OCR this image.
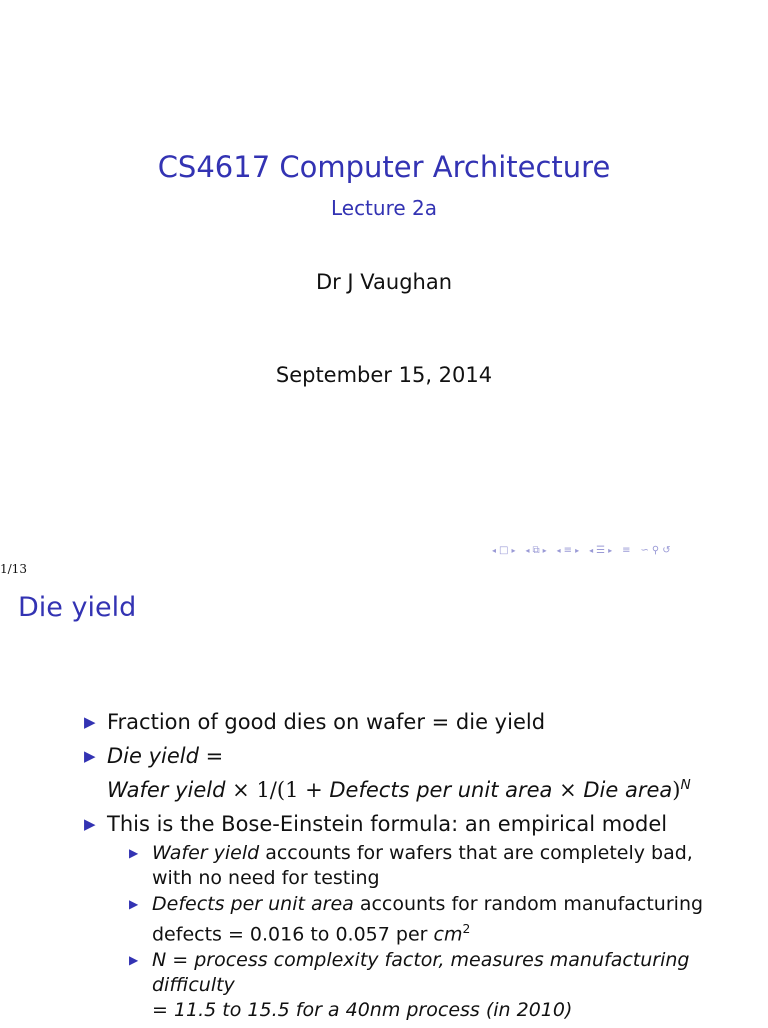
CS4617 Computer Architecture
Lecture 2a
Dr J Vaughan
September 15, 2014
◂ □ ▸ ◂ ⧉ ▸ ◂ ≡ ▸ ◂ ☰ ▸ ≡ ∽ ⚲ ↺
1/13
Die yield
▶ Fraction of good dies on wafer = die yield
▶ Die yield =
Wafer yield × 1/(1 + Defects per unit area × Die area)$^N$
▶ This is the Bose-Einstein formula: an empirical model
▶ Wafer yield accounts for wafers that are completely bad, with no need for testing
▶ Defects per unit area accounts for random manufacturing defects = 0.016 to 0.057 per $cm^2$
▶ N = process complexity factor, measures manufacturing difficulty
= 11.5 to 15.5 for a 40nm process (in 2010)
